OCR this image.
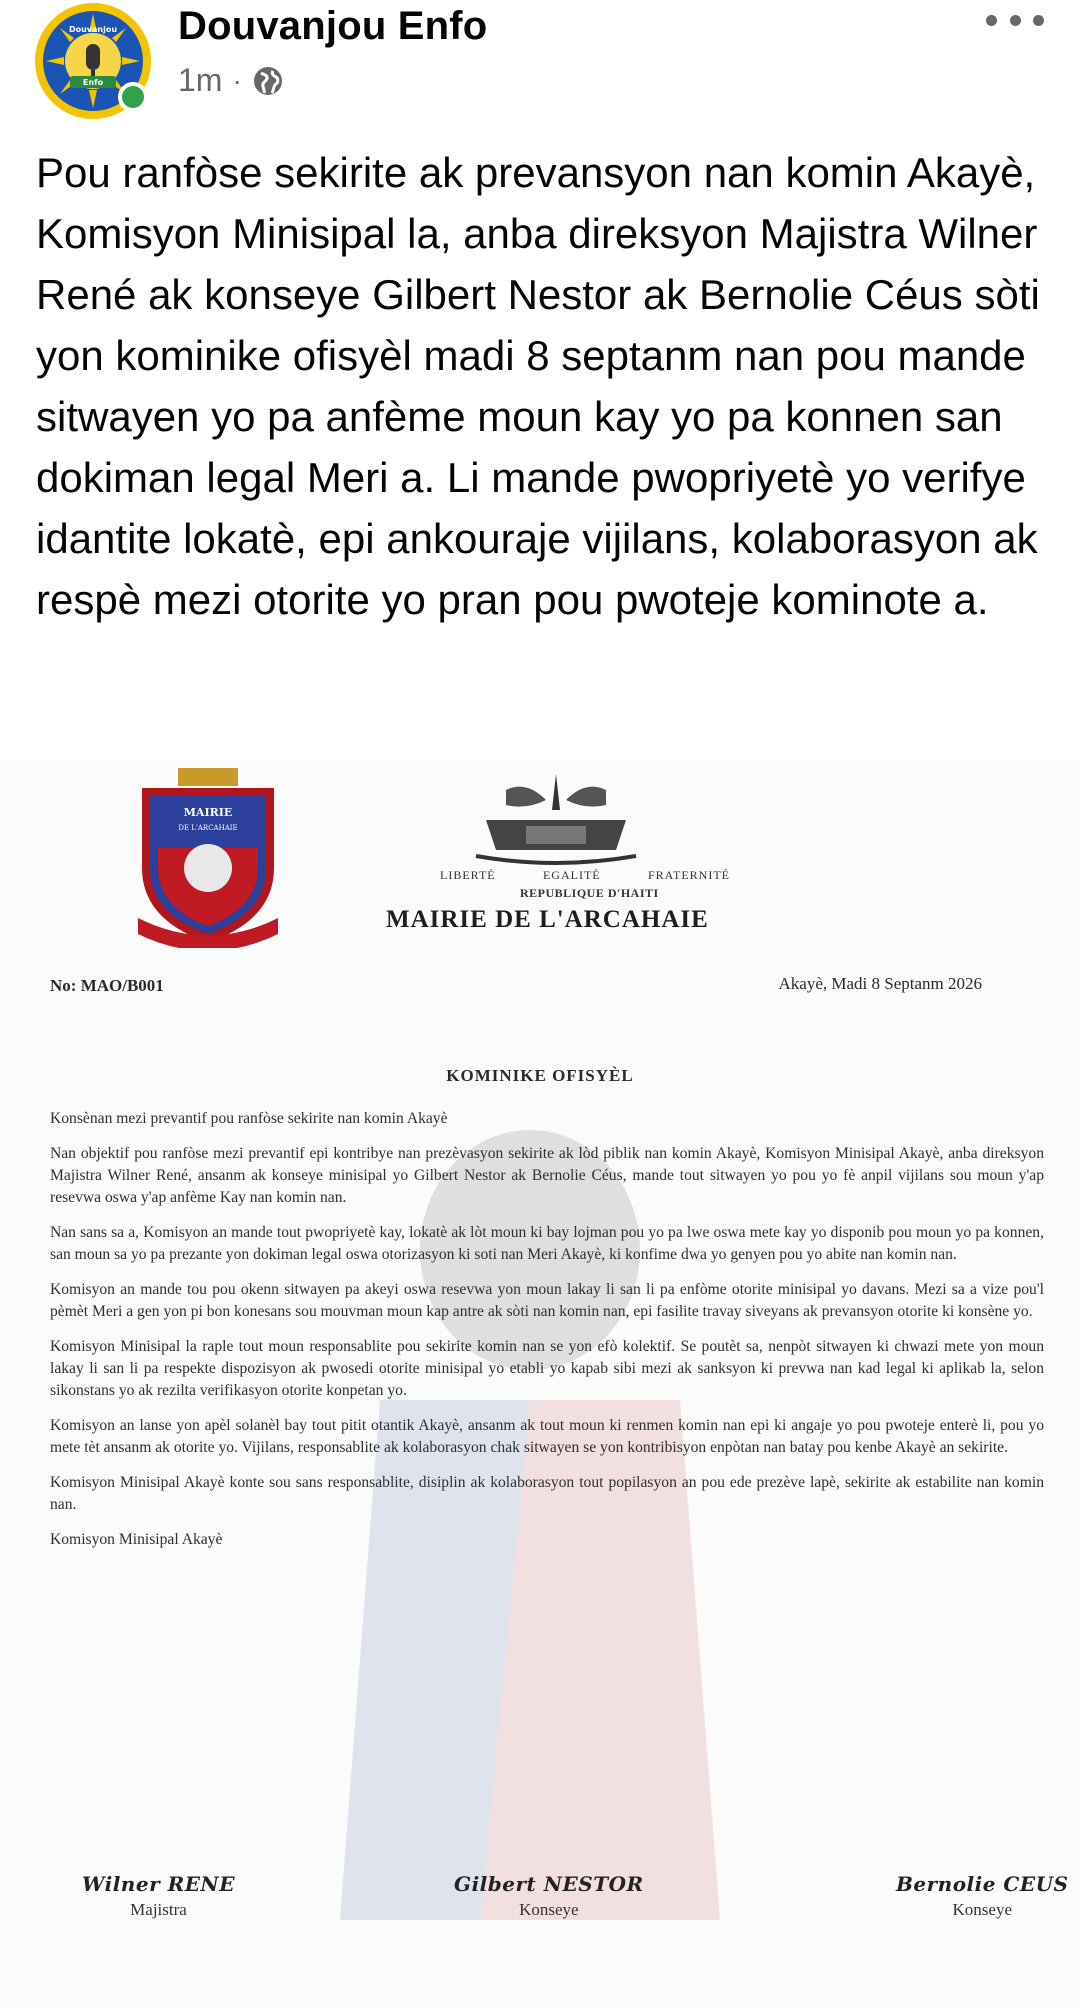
Enfo
Douvanjou Douvanjou Enfo
1m ·
Pou ranfòse sekirite ak prevansyon nan komin Akayè, Komisyon Minisipal la, anba direksyon Majistra Wilner René ak konseye Gilbert Nestor ak Bernolie Céus sòti yon kominike ofisyèl madi 8 septanm nan pou mande sitwayen yo pa anfème moun kay yo pa konnen san dokiman legal Meri a. Li mande pwopriyetè yo verifye idantite lokatè, epi ankouraje vijilans, kolaborasyon ak respè mezi otorite yo pran pou pwoteje kominote a.
MAIRIE
DE L'ARCAHAIE
LIBERTÉ	EGALITÉ	FRATERNITÉ
REPUBLIQUE D'HAITI
MAIRIE DE L'ARCAHAIE
No: MAO/B001	Akayè, Madi 8 Septanm 2026
KOMINIKE OFISYÈL

Konsènan mezi prevantif pou ranfòse sekirite nan komin Akayè

Nan objektif pou ranfòse mezi prevantif epi kontribye nan prezèvasyon sekirite ak lòd piblik nan komin Akayè, Komisyon Minisipal Akayè, anba direksyon Majistra Wilner René, ansanm ak konseye minisipal yo Gilbert Nestor ak Bernolie Céus, mande tout sitwayen yo pou yo fè anpil vijilans sou moun y'ap resevwa oswa y'ap anfème Kay nan komin nan.

Nan sans sa a, Komisyon an mande tout pwopriyetè kay, lokatè ak lòt moun ki bay lojman pou yo pa lwe oswa mete kay yo disponib pou moun yo pa konnen, san moun sa yo pa prezante yon dokiman legal oswa otorizasyon ki soti nan Meri Akayè, ki konfime dwa yo genyen pou yo abite nan komin nan.

Komisyon an mande tou pou okenn sitwayen pa akeyi oswa resevwa yon moun lakay li san li pa enfòme otorite minisipal yo davans. Mezi sa a vize pou'l pèmèt Meri a gen yon pi bon konesans sou mouvman moun kap antre ak sòti nan komin nan, epi fasilite travay siveyans ak prevansyon otorite ki konsène yo.

Komisyon Minisipal la raple tout moun responsablite pou sekirite komin nan se yon efò kolektif. Se poutèt sa, nenpòt sitwayen ki chwazi mete yon moun lakay li san li pa respekte dispozisyon ak pwosedi otorite minisipal yo etabli yo kapab sibi mezi ak sanksyon ki prevwa nan kad legal ki aplikab la, selon sikonstans yo ak rezilta verifikasyon otorite konpetan yo.

Komisyon an lanse yon apèl solanèl bay tout pitit otantik Akayè, ansanm ak tout moun ki renmen komin nan epi ki angaje yo pou pwoteje enterè li, pou yo mete tèt ansanm ak otorite yo. Vijilans, responsablite ak kolaborasyon chak sitwayen se yon kontribisyon enpòtan nan batay pou kenbe Akayè an sekirite.

Komisyon Minisipal Akayè konte sou sans responsablite, disiplin ak kolaborasyon tout popilasyon an pou ede prezève lapè, sekirite ak estabilite nan komin nan.

Komisyon Minisipal Akayè

Wilner RENE
Majistra
Gilbert NESTOR
Konseye
Bernolie CEUS
Konseye
